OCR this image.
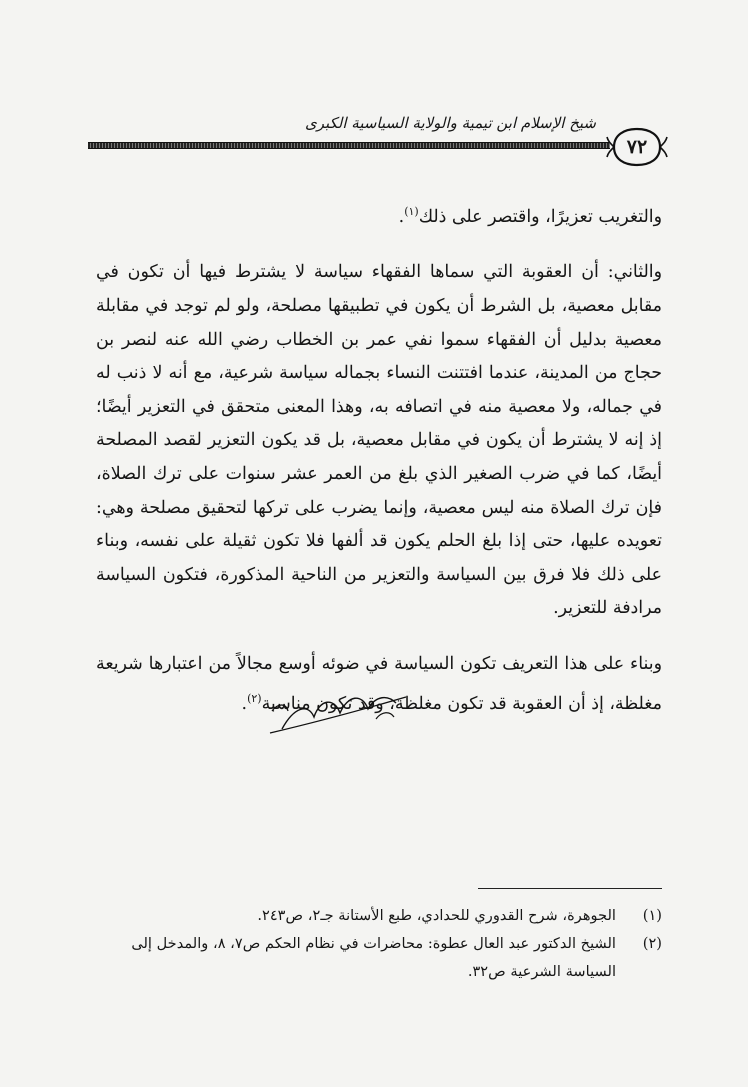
شيخ الإسلام ابن تيمية والولاية السياسية الكبرى
٧٢

والتغريب تعزيرًا، واقتصر على ذلك$^{(١)}$.

والثاني: أن العقوبة التي سماها الفقهاء سياسة لا يشترط فيها أن تكون في مقابل معصية، بل الشرط أن يكون في تطبيقها مصلحة، ولو لم توجد في مقابلة معصية بدليل أن الفقهاء سموا نفي عمر بن الخطاب رضي الله عنه لنصر بن حجاج من المدينة، عندما افتتنت النساء بجماله سياسة شرعية، مع أنه لا ذنب له في جماله، ولا معصية منه في اتصافه به، وهذا المعنى متحقق في التعزير أيضًا؛ إذ إنه لا يشترط أن يكون في مقابل معصية، بل قد يكون التعزير لقصد المصلحة أيضًا، كما في ضرب الصغير الذي بلغ من العمر عشر سنوات على ترك الصلاة، فإن ترك الصلاة منه ليس معصية، وإنما يضرب على تركها لتحقيق مصلحة وهي: تعويده عليها، حتى إذا بلغ الحلم يكون قد ألفها فلا تكون ثقيلة على نفسه، وبناء على ذلك فلا فرق بين السياسة والتعزير من الناحية المذكورة، فتكون السياسة مرادفة للتعزير.

وبناء على هذا التعريف تكون السياسة في ضوئه أوسع مجالاً من اعتبارها شريعة مغلظة، إذ أن العقوبة قد تكون مغلظة، وقد تكون مناسبة$^{(٢)}$.

(١)
الجوهرة، شرح القدوري للحدادي، طبع الأستانة جـ٢، ص٢٤٣.
(٢)
الشيخ الدكتور عبد العال عطوة: محاضرات في نظام الحكم ص٧، ٨، والمدخل إلى السياسة الشرعية ص٣٢.
